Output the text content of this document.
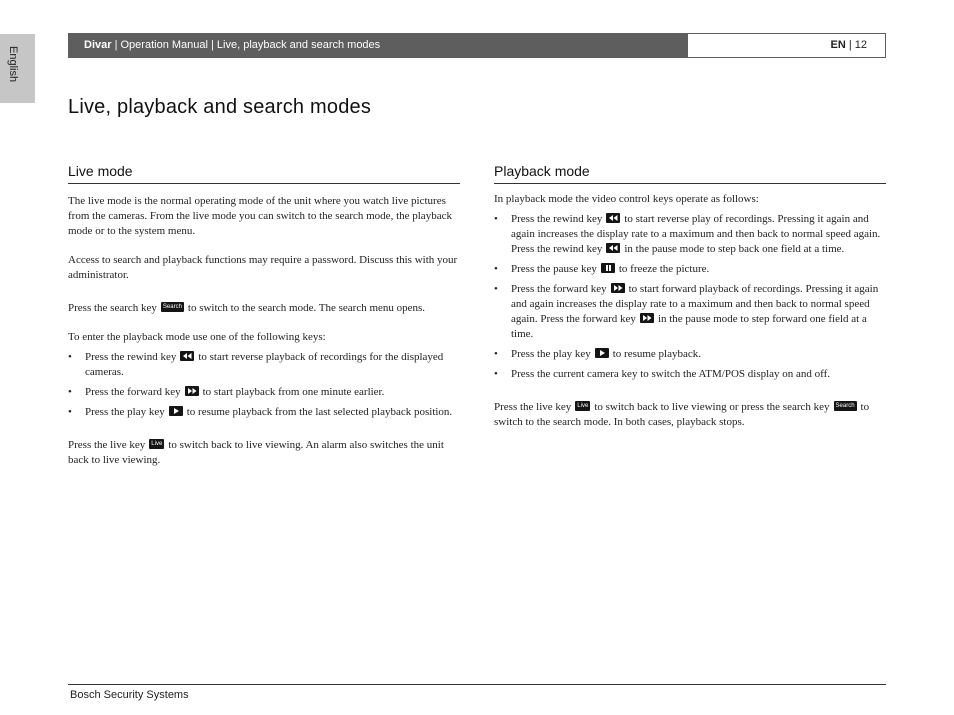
English
Divar | Operation Manual | Live, playback and search modes	EN | 12
Live, playback and search modes
Live mode

The live mode is the normal operating mode of the unit where you watch live pictures from the cameras. From the live mode you can switch to the search mode, the playback mode or to the system menu.

Access to search and playback functions may require a password. Discuss this with your administrator.

Press the search key Search to switch to the search mode. The search menu opens.

To enter the playback mode use one of the following keys:

• Press the rewind key to start reverse playback of recordings for the displayed cameras.
• Press the forward key to start playback from one minute earlier.
• Press the play key to resume playback from the last selected playback position.

Press the live key Live to switch back to live viewing. An alarm also switches the unit back to live viewing.

Playback mode

In playback mode the video control keys operate as follows:

• Press the rewind key to start reverse play of recordings. Pressing it again and again increases the display rate to a maximum and then back to normal speed again. Press the rewind key in the pause mode to step back one field at a time.
• Press the pause key to freeze the picture.
• Press the forward key to start forward playback of recordings. Pressing it again and again increases the display rate to a maximum and then back to normal speed again. Press the forward key in the pause mode to step forward one field at a time.
• Press the play key to resume playback.
• Press the current camera key to switch the ATM/POS display on and off.

Press the live key Live to switch back to live viewing or press the search key Search to switch to the search mode. In both cases, playback stops.

Bosch Security Systems
